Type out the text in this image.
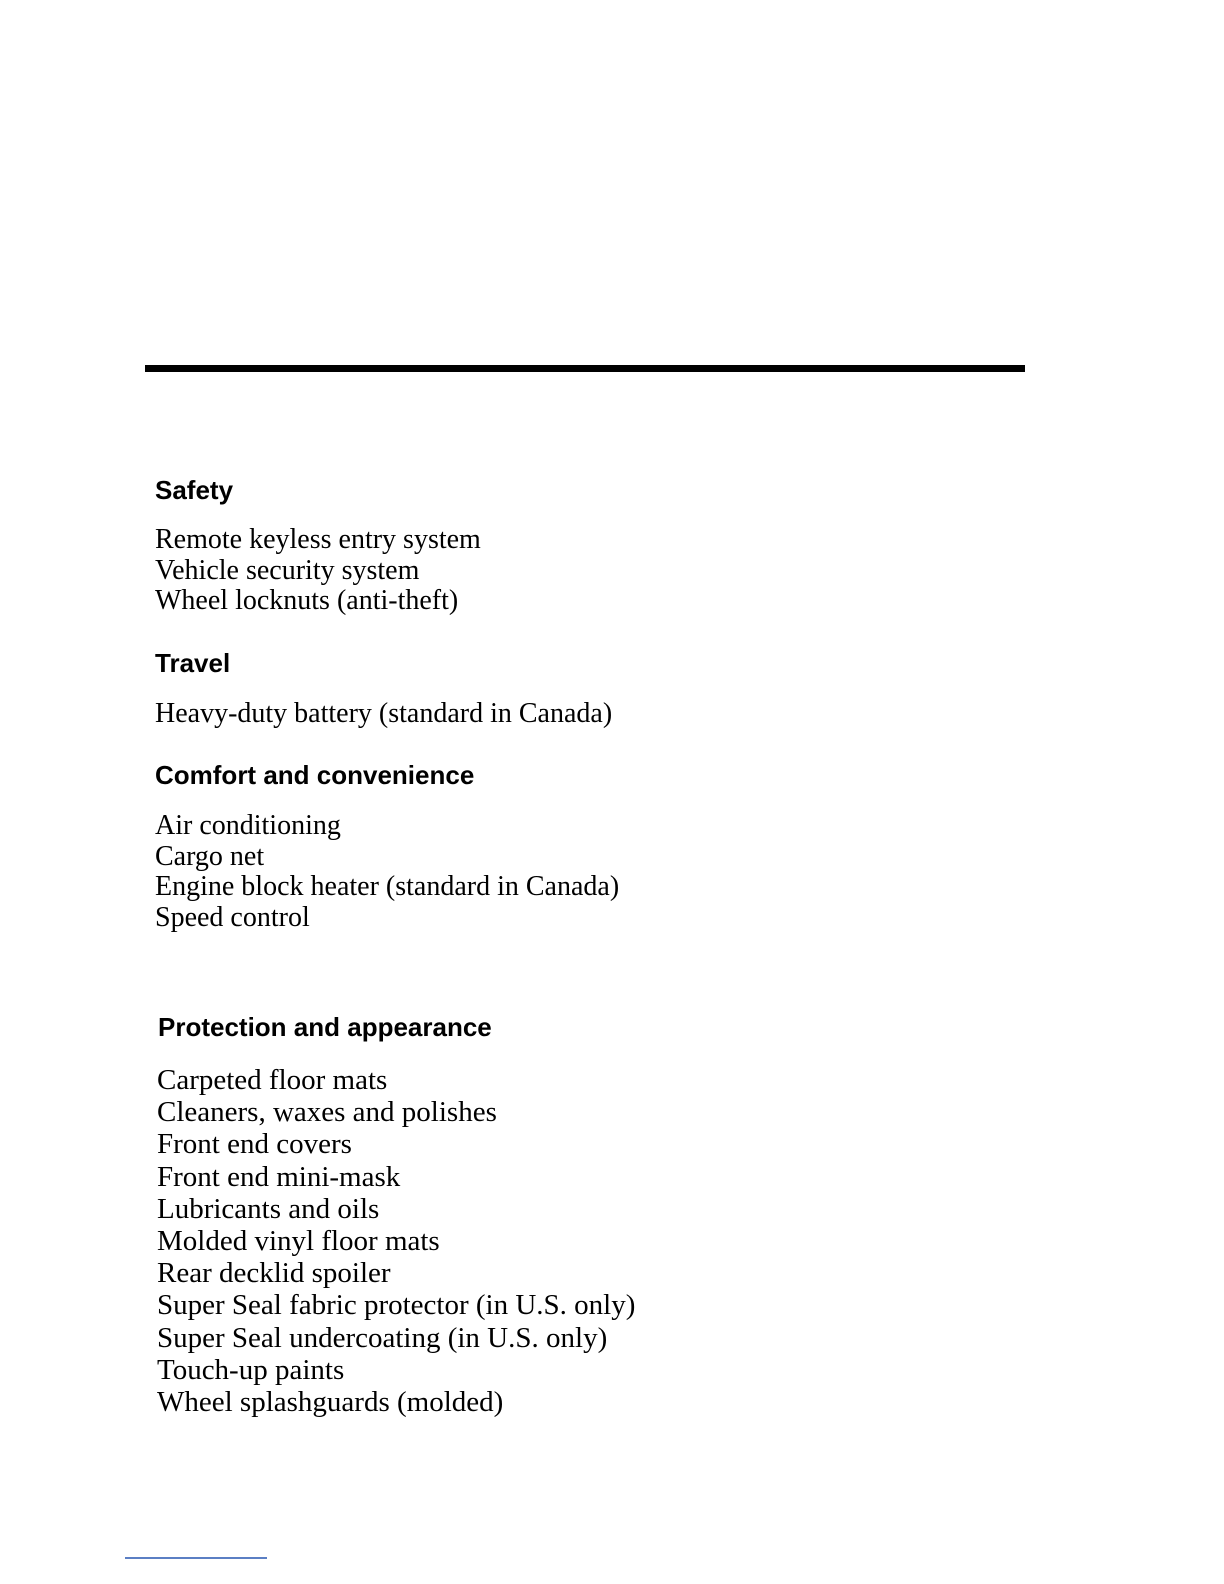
Safety
Remote keyless entry system
Vehicle security system
Wheel locknuts (anti-theft)
Travel
Heavy-duty battery (standard in Canada)
Comfort and convenience
Air conditioning
Cargo net
Engine block heater (standard in Canada)
Speed control
Protection and appearance
Carpeted floor mats
Cleaners, waxes and polishes
Front end covers
Front end mini-mask
Lubricants and oils
Molded vinyl floor mats
Rear decklid spoiler
Super Seal fabric protector (in U.S. only)
Super Seal undercoating (in U.S. only)
Touch-up paints
Wheel splashguards (molded)
